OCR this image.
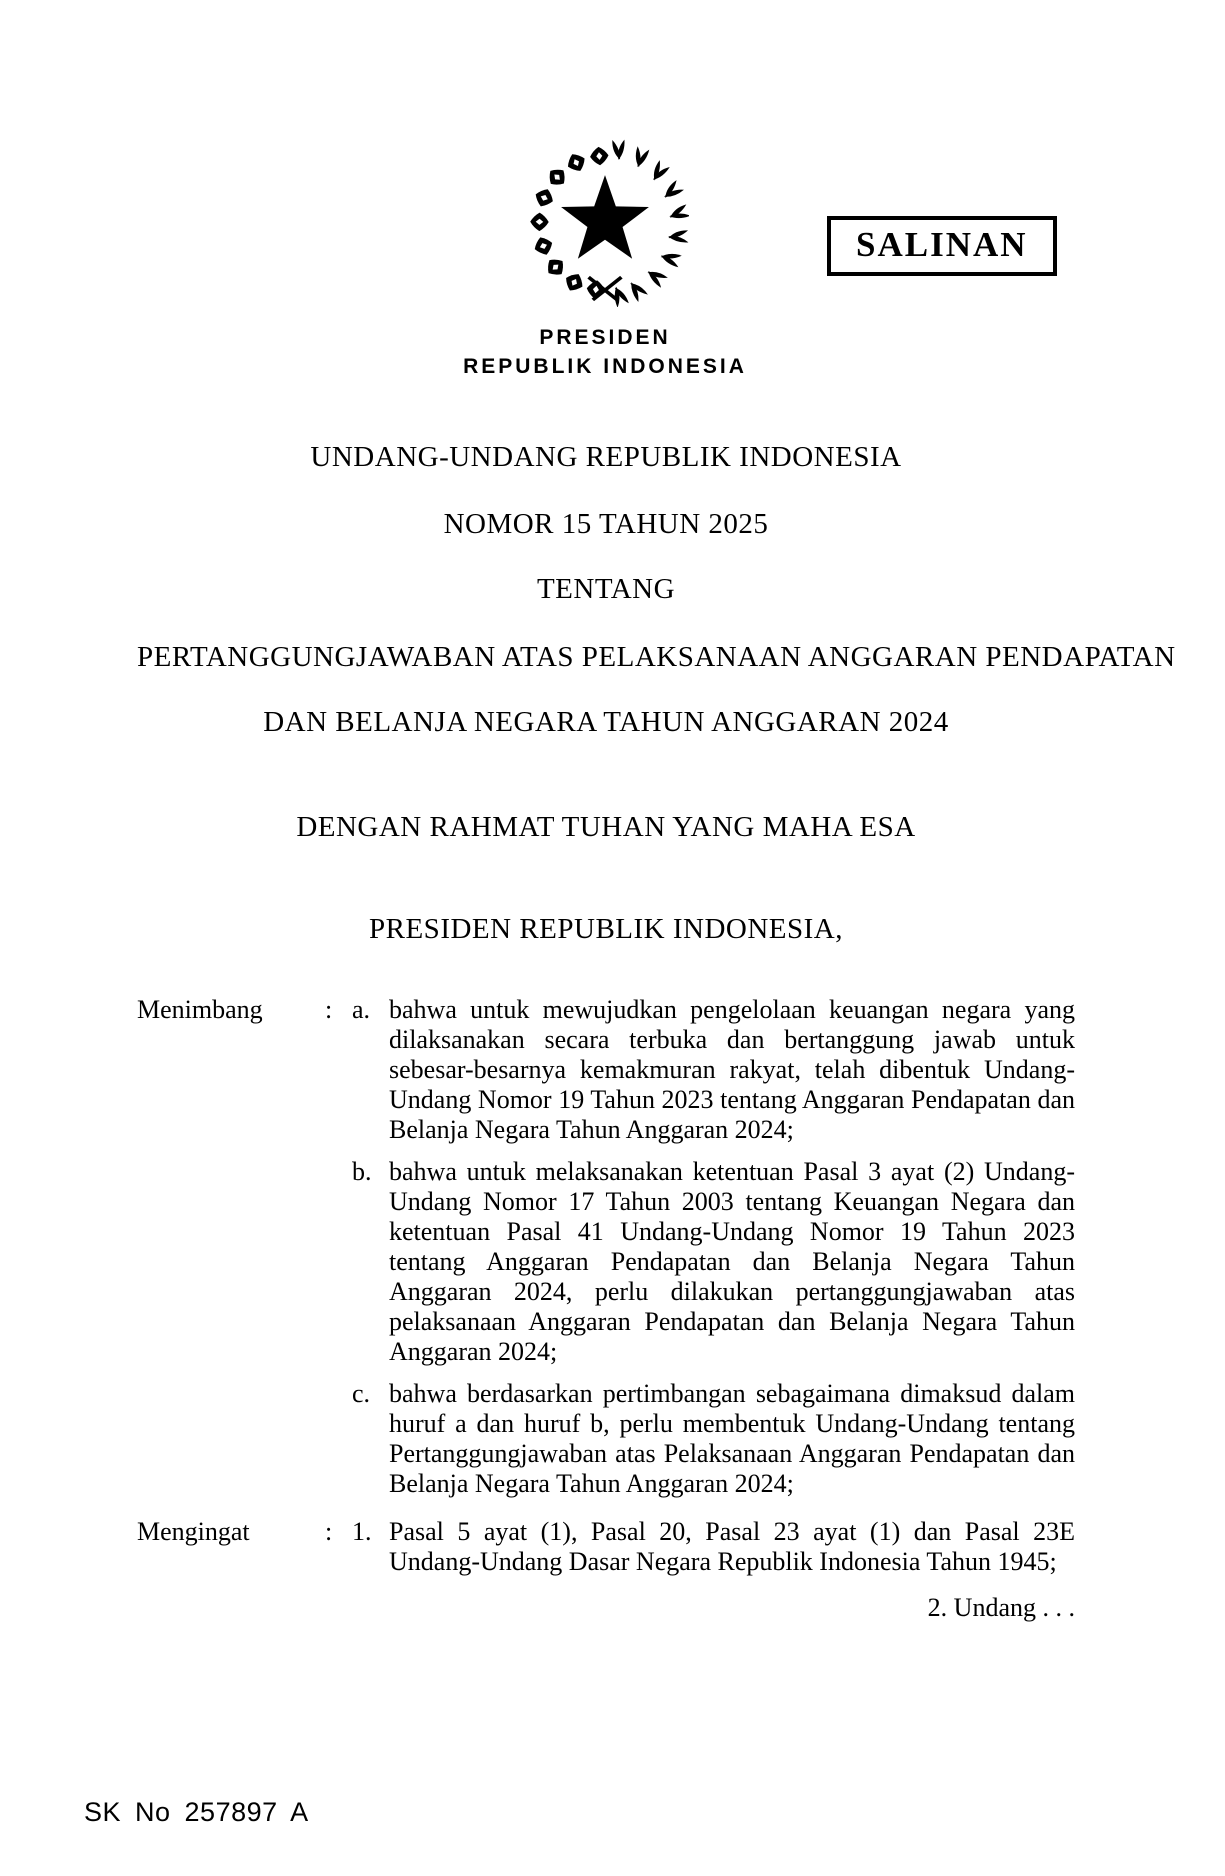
SALINAN
PRESIDEN
REPUBLIK INDONESIA
UNDANG-UNDANG REPUBLIK INDONESIA
NOMOR 15 TAHUN 2025
TENTANG
PERTANGGUNGJAWABAN ATAS PELAKSANAAN ANGGARAN PENDAPATAN
DAN BELANJA NEGARA TAHUN ANGGARAN 2024
DENGAN RAHMAT TUHAN YANG MAHA ESA
PRESIDEN REPUBLIK INDONESIA,
Menimbang	: a. bahwa untuk mewujudkan pengelolaan keuangan negara yang dilaksanakan secara terbuka dan bertanggung jawab untuk sebesar-besarnya kemakmuran rakyat, telah dibentuk Undang-Undang Nomor 19 Tahun 2023 tentang Anggaran Pendapatan dan Belanja Negara Tahun Anggaran 2024;
b. bahwa untuk melaksanakan ketentuan Pasal 3 ayat (2) Undang-Undang Nomor 17 Tahun 2003 tentang Keuangan Negara dan ketentuan Pasal 41 Undang-Undang Nomor 19 Tahun 2023 tentang Anggaran Pendapatan dan Belanja Negara Tahun Anggaran 2024, perlu dilakukan pertanggungjawaban atas pelaksanaan Anggaran Pendapatan dan Belanja Negara Tahun Anggaran 2024;
c. bahwa berdasarkan pertimbangan sebagaimana dimaksud dalam huruf a dan huruf b, perlu membentuk Undang-Undang tentang Pertanggungjawaban atas Pelaksanaan Anggaran Pendapatan dan Belanja Negara Tahun Anggaran 2024;
Mengingat	: 1. Pasal 5 ayat (1), Pasal 20, Pasal 23 ayat (1) dan Pasal 23E Undang-Undang Dasar Negara Republik Indonesia Tahun 1945;
2. Undang . . .
SK No 257897 A
